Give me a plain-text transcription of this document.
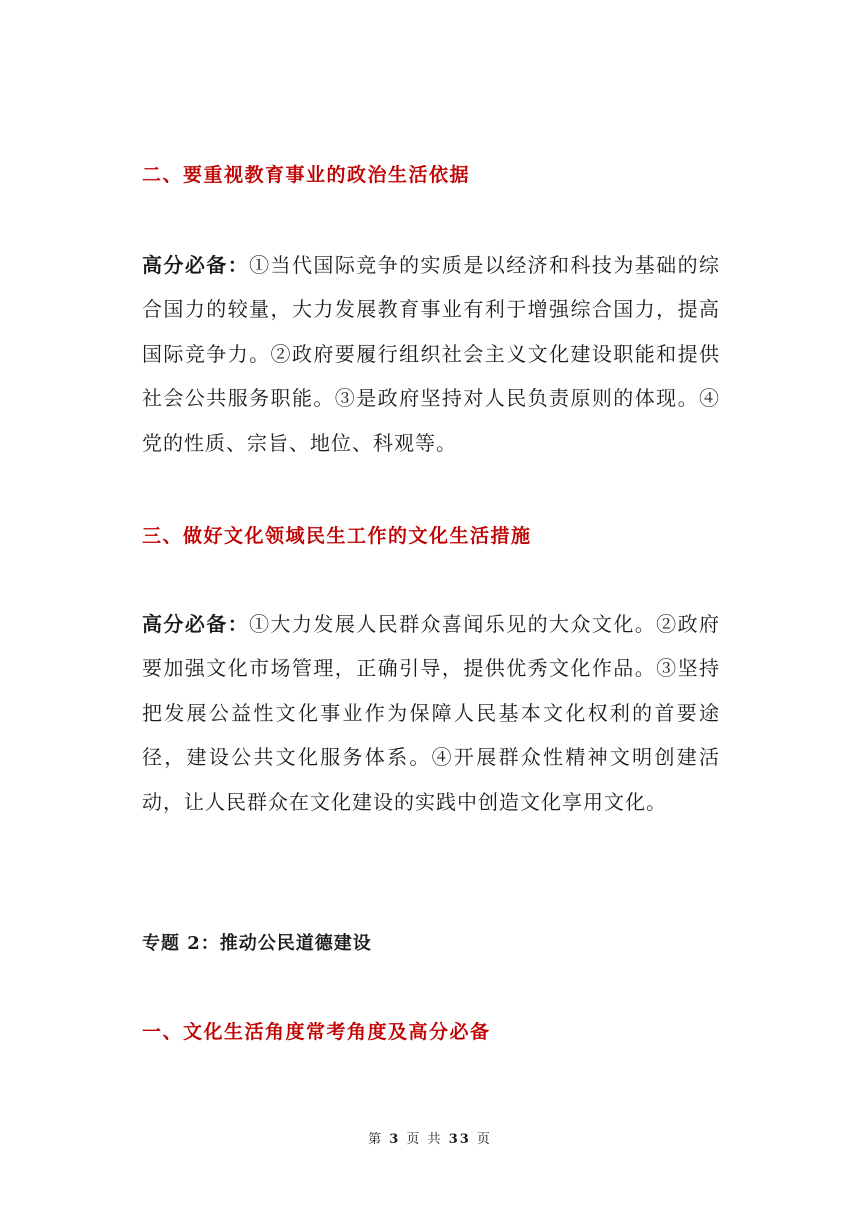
二、要重视教育事业的政治生活依据

高分必备：①当代国际竞争的实质是以经济和科技为基础的综合国力的较量，大力发展教育事业有利于增强综合国力，提高国际竞争力。②政府要履行组织社会主义文化建设职能和提供社会公共服务职能。③是政府坚持对人民负责原则的体现。④党的性质、宗旨、地位、科观等。

三、做好文化领域民生工作的文化生活措施

高分必备：①大力发展人民群众喜闻乐见的大众文化。②政府要加强文化市场管理，正确引导，提供优秀文化作品。③坚持把发展公益性文化事业作为保障人民基本文化权利的首要途径，建设公共文化服务体系。④开展群众性精神文明创建活动，让人民群众在文化建设的实践中创造文化享用文化。

专题 2：推动公民道德建设
一、文化生活角度常考角度及高分必备
第 3 页 共 33 页
